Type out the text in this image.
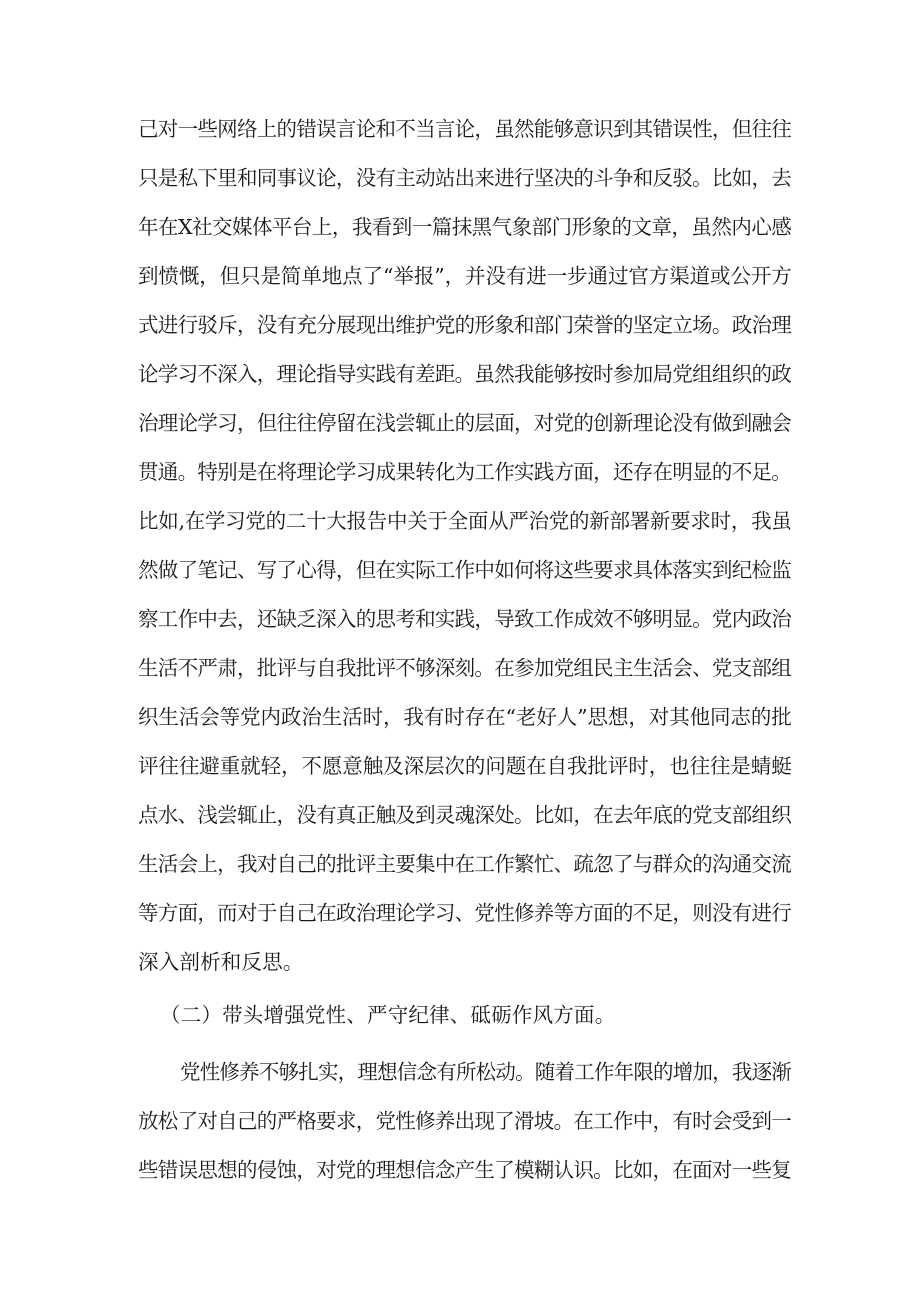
己对一些网络上的错误言论和不当言论，虽然能够意识到其错误性，但往往
只是私下里和同事议论，没有主动站出来进行坚决的斗争和反驳。比如，去
年在X社交媒体平台上，我看到一篇抹黑气象部门形象的文章，虽然内心感
到愤慨，但只是简单地点了“举报”，并没有进一步通过官方渠道或公开方
式进行驳斥，没有充分展现出维护党的形象和部门荣誉的坚定立场。政治理
论学习不深入，理论指导实践有差距。虽然我能够按时参加局党组组织的政
治理论学习，但往往停留在浅尝辄止的层面，对党的创新理论没有做到融会
贯通。特别是在将理论学习成果转化为工作实践方面，还存在明显的不足。
比如,在学习党的二十大报告中关于全面从严治党的新部署新要求时，我虽
然做了笔记、写了心得，但在实际工作中如何将这些要求具体落实到纪检监
察工作中去，还缺乏深入的思考和实践，导致工作成效不够明显。党内政治
生活不严肃，批评与自我批评不够深刻。在参加党组民主生活会、党支部组
织生活会等党内政治生活时，我有时存在“老好人”思想，对其他同志的批
评往往避重就轻，不愿意触及深层次的问题在自我批评时，也往往是蜻蜓
点水、浅尝辄止，没有真正触及到灵魂深处。比如，在去年底的党支部组织
生活会上，我对自己的批评主要集中在工作繁忙、疏忽了与群众的沟通交流
等方面，而对于自己在政治理论学习、党性修养等方面的不足，则没有进行
深入剖析和反思。
（二）带头增强党性、严守纪律、砥砺作风方面。
党性修养不够扎实，理想信念有所松动。随着工作年限的增加，我逐渐
放松了对自己的严格要求，党性修养出现了滑坡。在工作中，有时会受到一
些错误思想的侵蚀，对党的理想信念产生了模糊认识。比如，在面对一些复
